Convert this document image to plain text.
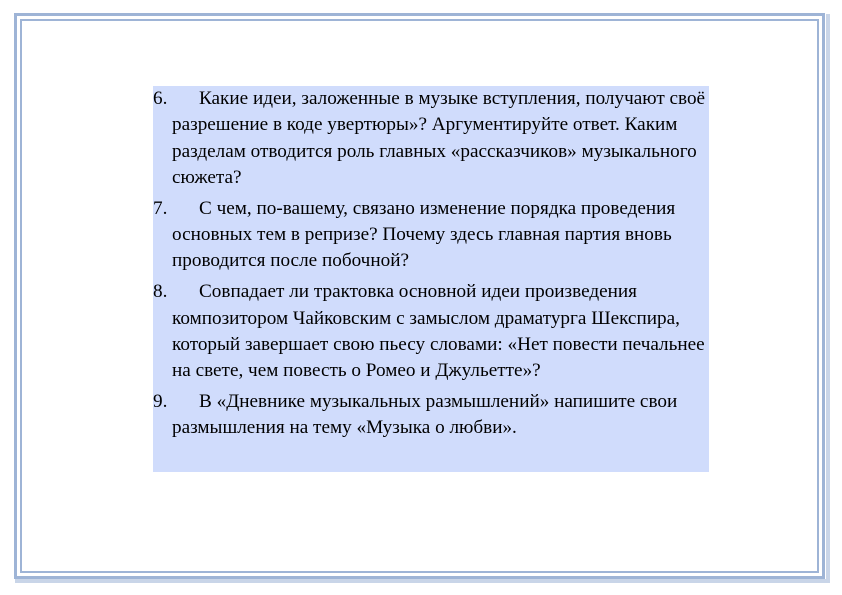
6. Какие идеи, заложенные в музыке вступления, получают своё разрешение в коде увертюры»? Аргументируйте ответ. Каким разделам отводится роль главных «рассказчиков» музыкального сюжета?
7. С чем, по-вашему, связано изменение порядка проведения основных тем в репризе? Почему здесь главная партия вновь проводится после побочной?
8. Совпадает ли трактовка основной идеи произведения композитором Чайковским с замыслом драматурга Шекспира, который завершает свою пьесу словами: «Нет повести печальнее на свете, чем повесть о Ромео и Джульетте»?
9. В «Дневнике музыкальных размышлений» напишите свои размышления на тему «Музыка о любви».
